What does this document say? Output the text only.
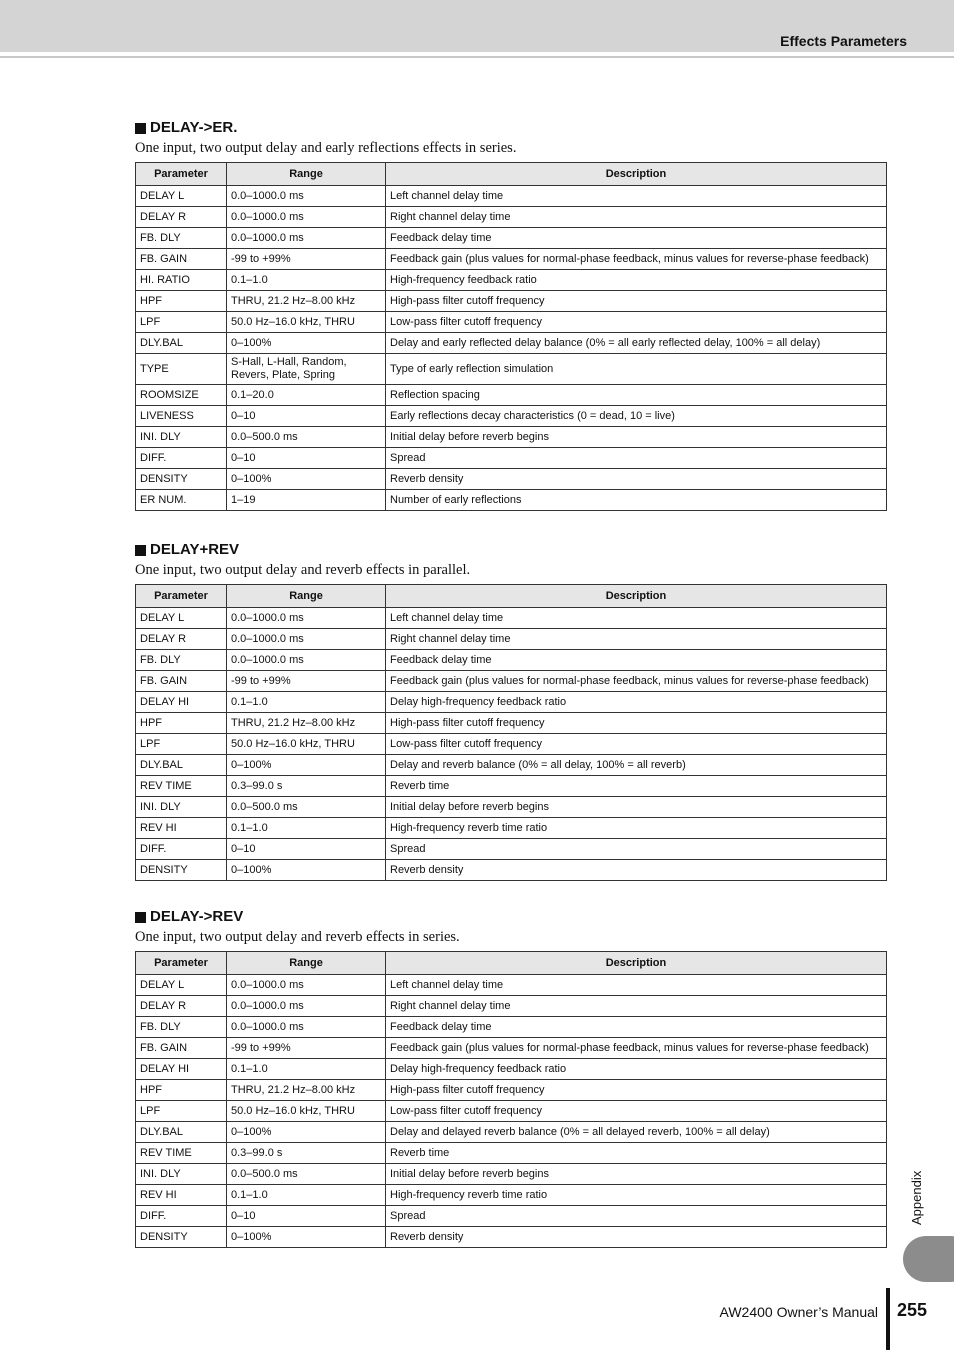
Effects Parameters
DELAY->ER.
One input, two output delay and early reflections effects in series.
Parameter	Range	Description
DELAY L	0.0–1000.0 ms	Left channel delay time
DELAY R	0.0–1000.0 ms	Right channel delay time
FB. DLY	0.0–1000.0 ms	Feedback delay time
FB. GAIN	-99 to +99%	Feedback gain (plus values for normal-phase feedback, minus values for reverse-phase feedback)
HI. RATIO	0.1–1.0	High-frequency feedback ratio
HPF	THRU, 21.2 Hz–8.00 kHz	High-pass filter cutoff frequency
LPF	50.0 Hz–16.0 kHz, THRU	Low-pass filter cutoff frequency
DLY.BAL	0–100%	Delay and early reflected delay balance (0% = all early reflected delay, 100% = all delay)
TYPE	S-Hall, L-Hall, Random, Revers, Plate, Spring	Type of early reflection simulation
ROOMSIZE	0.1–20.0	Reflection spacing
LIVENESS	0–10	Early reflections decay characteristics (0 = dead, 10 = live)
INI. DLY	0.0–500.0 ms	Initial delay before reverb begins
DIFF.	0–10	Spread
DENSITY	0–100%	Reverb density
ER NUM.	1–19	Number of early reflections
DELAY+REV
One input, two output delay and reverb effects in parallel.
Parameter	Range	Description
DELAY L	0.0–1000.0 ms	Left channel delay time
DELAY R	0.0–1000.0 ms	Right channel delay time
FB. DLY	0.0–1000.0 ms	Feedback delay time
FB. GAIN	-99 to +99%	Feedback gain (plus values for normal-phase feedback, minus values for reverse-phase feedback)
DELAY HI	0.1–1.0	Delay high-frequency feedback ratio
HPF	THRU, 21.2 Hz–8.00 kHz	High-pass filter cutoff frequency
LPF	50.0 Hz–16.0 kHz, THRU	Low-pass filter cutoff frequency
DLY.BAL	0–100%	Delay and reverb balance (0% = all delay, 100% = all reverb)
REV TIME	0.3–99.0 s	Reverb time
INI. DLY	0.0–500.0 ms	Initial delay before reverb begins
REV HI	0.1–1.0	High-frequency reverb time ratio
DIFF.	0–10	Spread
DENSITY	0–100%	Reverb density
DELAY->REV
One input, two output delay and reverb effects in series.
Parameter	Range	Description
DELAY L	0.0–1000.0 ms	Left channel delay time
DELAY R	0.0–1000.0 ms	Right channel delay time
FB. DLY	0.0–1000.0 ms	Feedback delay time
FB. GAIN	-99 to +99%	Feedback gain (plus values for normal-phase feedback, minus values for reverse-phase feedback)
DELAY HI	0.1–1.0	Delay high-frequency feedback ratio
HPF	THRU, 21.2 Hz–8.00 kHz	High-pass filter cutoff frequency
LPF	50.0 Hz–16.0 kHz, THRU	Low-pass filter cutoff frequency
DLY.BAL	0–100%	Delay and delayed reverb balance (0% = all delayed reverb, 100% = all delay)
REV TIME	0.3–99.0 s	Reverb time
INI. DLY	0.0–500.0 ms	Initial delay before reverb begins
REV HI	0.1–1.0	High-frequency reverb time ratio
DIFF.	0–10	Spread
DENSITY	0–100%	Reverb density
Appendix
AW2400 Owner’s Manual 255
